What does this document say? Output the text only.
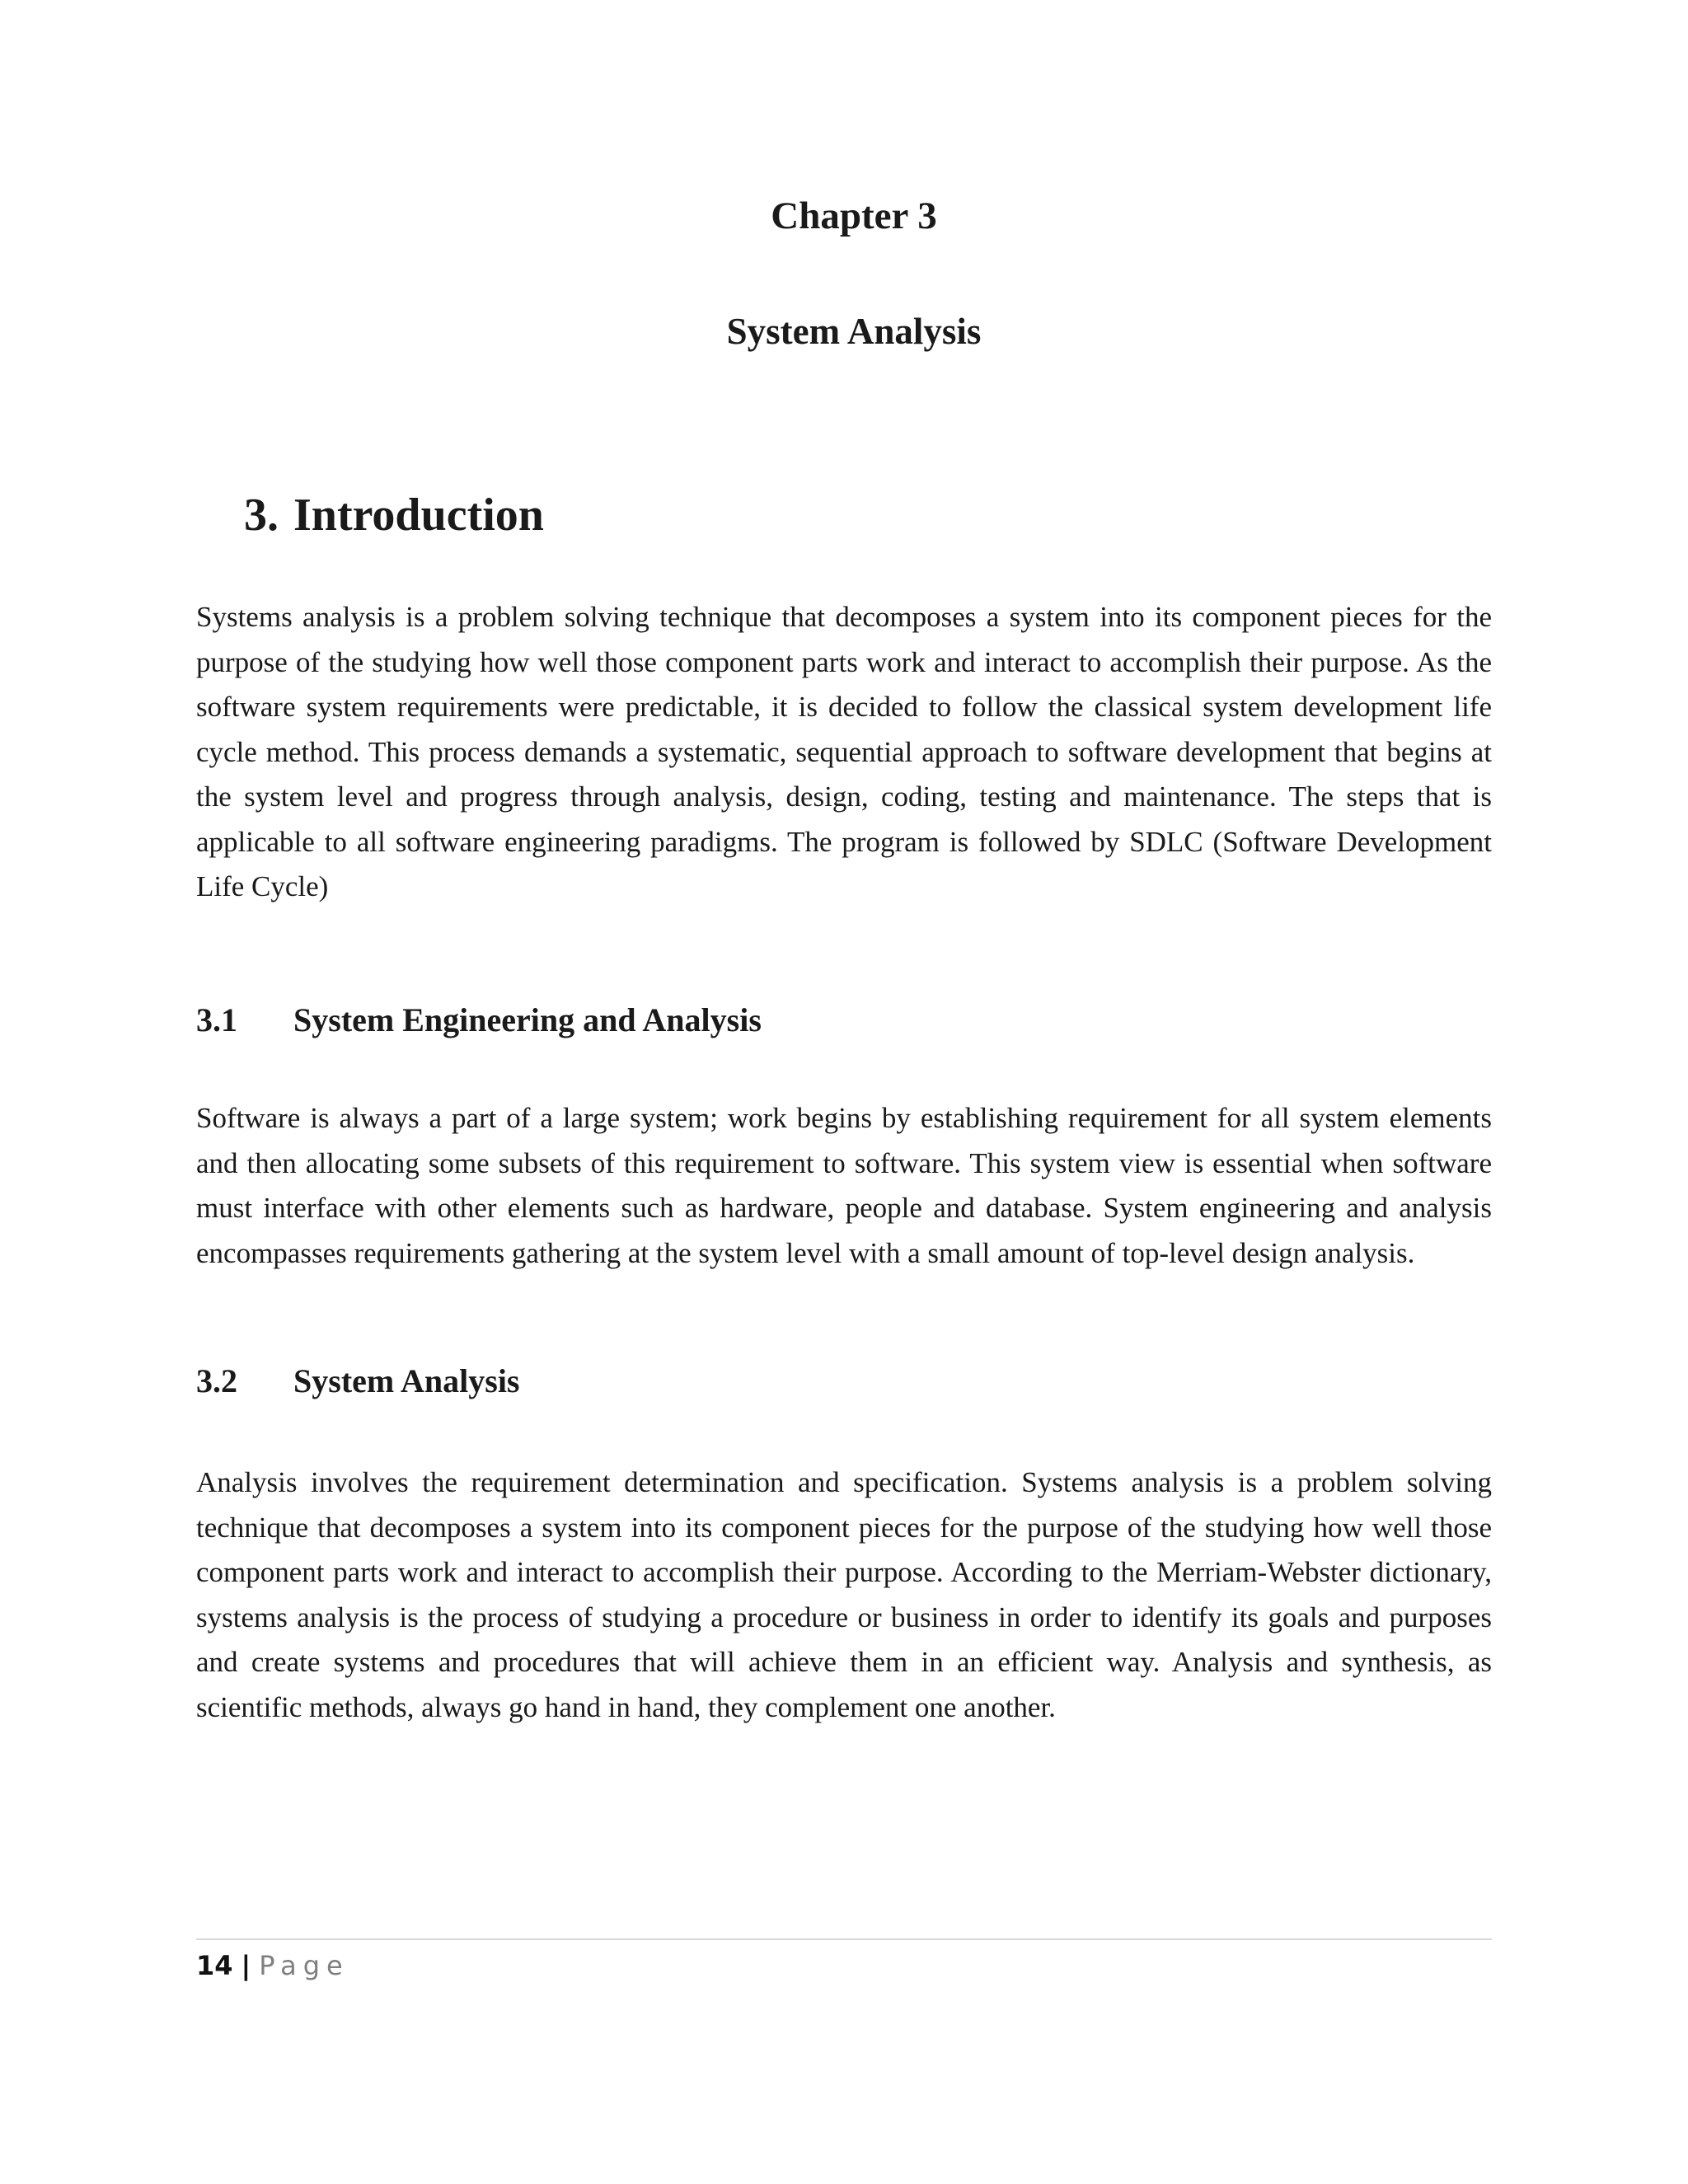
Chapter 3
System Analysis
3. Introduction

Systems analysis is a problem solving technique that decomposes a system into its component pieces for the purpose of the studying how well those component parts work and interact to accomplish their purpose. As the software system requirements were predictable, it is decided to follow the classical system development life cycle method. This process demands a systematic, sequential approach to software development that begins at the system level and progress through analysis, design, coding, testing and maintenance. The steps that is applicable to all software engineering paradigms. The program is followed by SDLC (Software Development Life Cycle)

3.1 System Engineering and Analysis

Software is always a part of a large system; work begins by establishing requirement for all system elements and then allocating some subsets of this requirement to software. This system view is essential when software must interface with other elements such as hardware, people and database. System engineering and analysis encompasses requirements gathering at the system level with a small amount of top-level design analysis.

3.2 System Analysis

Analysis involves the requirement determination and specification. Systems analysis is a problem solving technique that decomposes a system into its component pieces for the purpose of the studying how well those component parts work and interact to accomplish their purpose. According to the Merriam-Webster dictionary, systems analysis is the process of studying a procedure or business in order to identify its goals and purposes and create systems and procedures that will achieve them in an efficient way. Analysis and synthesis, as scientific methods, always go hand in hand, they complement one another.

14 | Page
